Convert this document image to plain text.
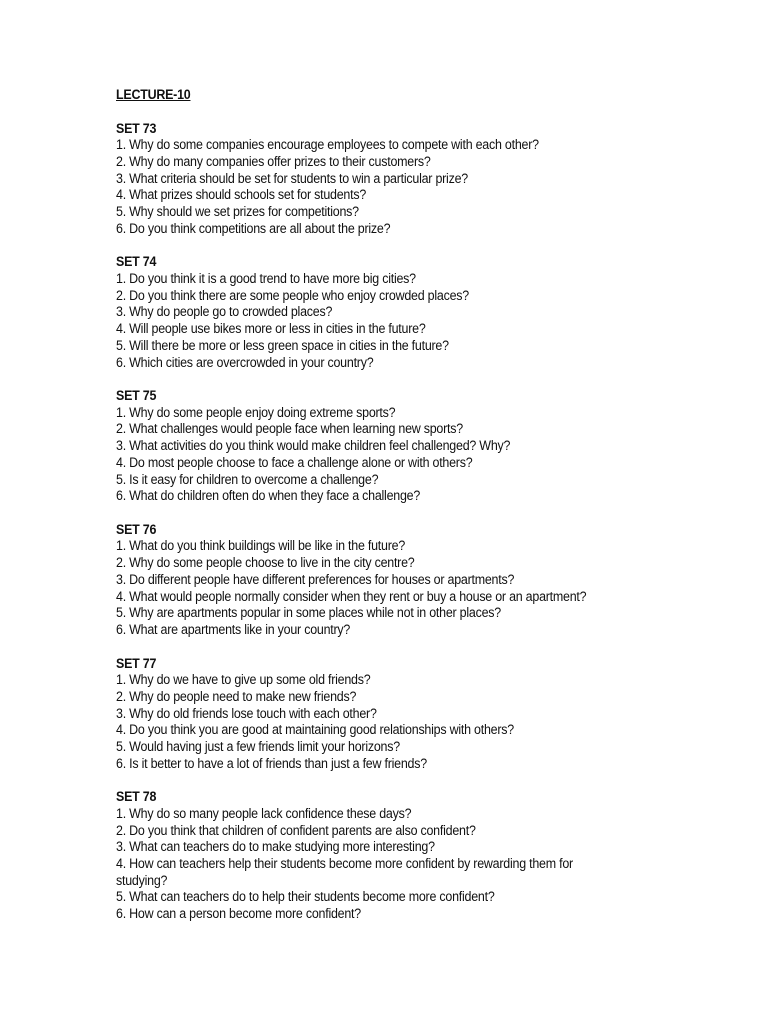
LECTURE-10
SET 73
1. Why do some companies encourage employees to compete with each other?
2. Why do many companies offer prizes to their customers?
3. What criteria should be set for students to win a particular prize?
4. What prizes should schools set for students?
5. Why should we set prizes for competitions?
6. Do you think competitions are all about the prize?
SET 74
1. Do you think it is a good trend to have more big cities?
2. Do you think there are some people who enjoy crowded places?
3. Why do people go to crowded places?
4. Will people use bikes more or less in cities in the future?
5. Will there be more or less green space in cities in the future?
6. Which cities are overcrowded in your country?
SET 75
1. Why do some people enjoy doing extreme sports?
2. What challenges would people face when learning new sports?
3. What activities do you think would make children feel challenged? Why?
4. Do most people choose to face a challenge alone or with others?
5. Is it easy for children to overcome a challenge?
6. What do children often do when they face a challenge?
SET 76
1. What do you think buildings will be like in the future?
2. Why do some people choose to live in the city centre?
3. Do different people have different preferences for houses or apartments?
4. What would people normally consider when they rent or buy a house or an apartment?
5. Why are apartments popular in some places while not in other places?
6. What are apartments like in your country?
SET 77
1. Why do we have to give up some old friends?
2. Why do people need to make new friends?
3. Why do old friends lose touch with each other?
4. Do you think you are good at maintaining good relationships with others?
5. Would having just a few friends limit your horizons?
6. Is it better to have a lot of friends than just a few friends?
SET 78
1. Why do so many people lack confidence these days?
2. Do you think that children of confident parents are also confident?
3. What can teachers do to make studying more interesting?
4. How can teachers help their students become more confident by rewarding them for studying?
5. What can teachers do to help their students become more confident?
6. How can a person become more confident?
